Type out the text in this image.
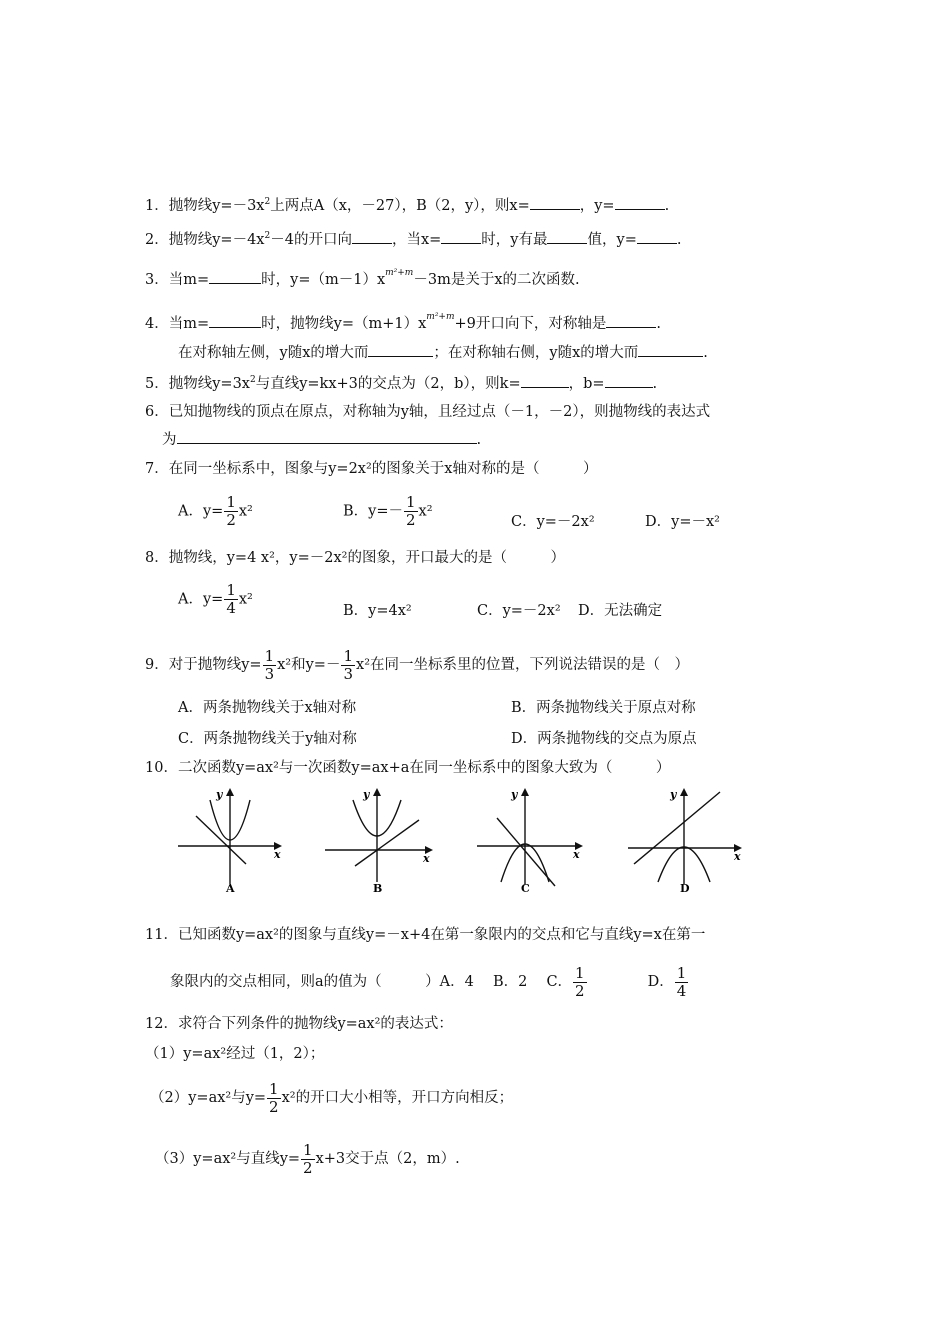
1．抛物线$y=-3x^2$上两点A（x，－27），B（2，y），则x=	，y=	.
2．抛物线$y=-4x^2-4$的开口向	，当x=	时，y有最	值，y=	.
3．当m=	时，$y=(m-1)x^{m^2+m}-3m$是关于x的二次函数.
4．当m=	时，抛物线$y=(m+1)x^{m^2+m}+9$开口向下，对称轴是	.
在对称轴左侧，y随x的增大而	；在对称轴右侧，y随x的增大而	.
5．抛物线$y=3x^2$与直线y=kx+3的交点为（2，b），则k=	，b=	.
6．已知抛物线的顶点在原点，对称轴为y轴，且经过点（－1，－2），则抛物线的表达式
为	.
7．在同一坐标系中，图象与y=2x²的图象关于x轴对称的是（　　　）
A．$y= \frac{1}{2} x^2$	B．$y=- \frac{1}{2} x^2$
C．y=－2x²	D．y=－x²
8．抛物线，y=4 x²，y=－2x²的图象，开口最大的是（　　　）
A．$y= \frac{1}{4} x^2$
B．y=4x²	C．y=－2x² D．无法确定
9．对于抛物线$y= \frac{1}{3} x^2$和$y=- \frac{1}{3} x^2$在同一坐标系里的位置，下列说法错误的是（　）
A．两条抛物线关于x轴对称	B．两条抛物线关于原点对称
C．两条抛物线关于y轴对称	D．两条抛物线的交点为原点
10．二次函数y=ax²与一次函数y=ax+a在同一坐标系中的图象大致为（　　　）
y
x
A
y
x
B
y
x
C
y
x
D
11．已知函数y=ax²的图象与直线y=－x+4在第一象限内的交点和它与直线y=x在第一
象限内的交点相同，则a的值为（　　　）A．4　 B．2　 C． $\frac{1}{2}$	D． $\frac{1}{4}$
12．求符合下列条件的抛物线y=ax²的表达式：
（1）y=ax²经过（1，2）；
（2）y=ax²与$y= \frac{1}{2} x^2$的开口大小相等，开口方向相反；
（3）y=ax²与直线$y= \frac{1}{2} x+3$交于点（2，m）.
